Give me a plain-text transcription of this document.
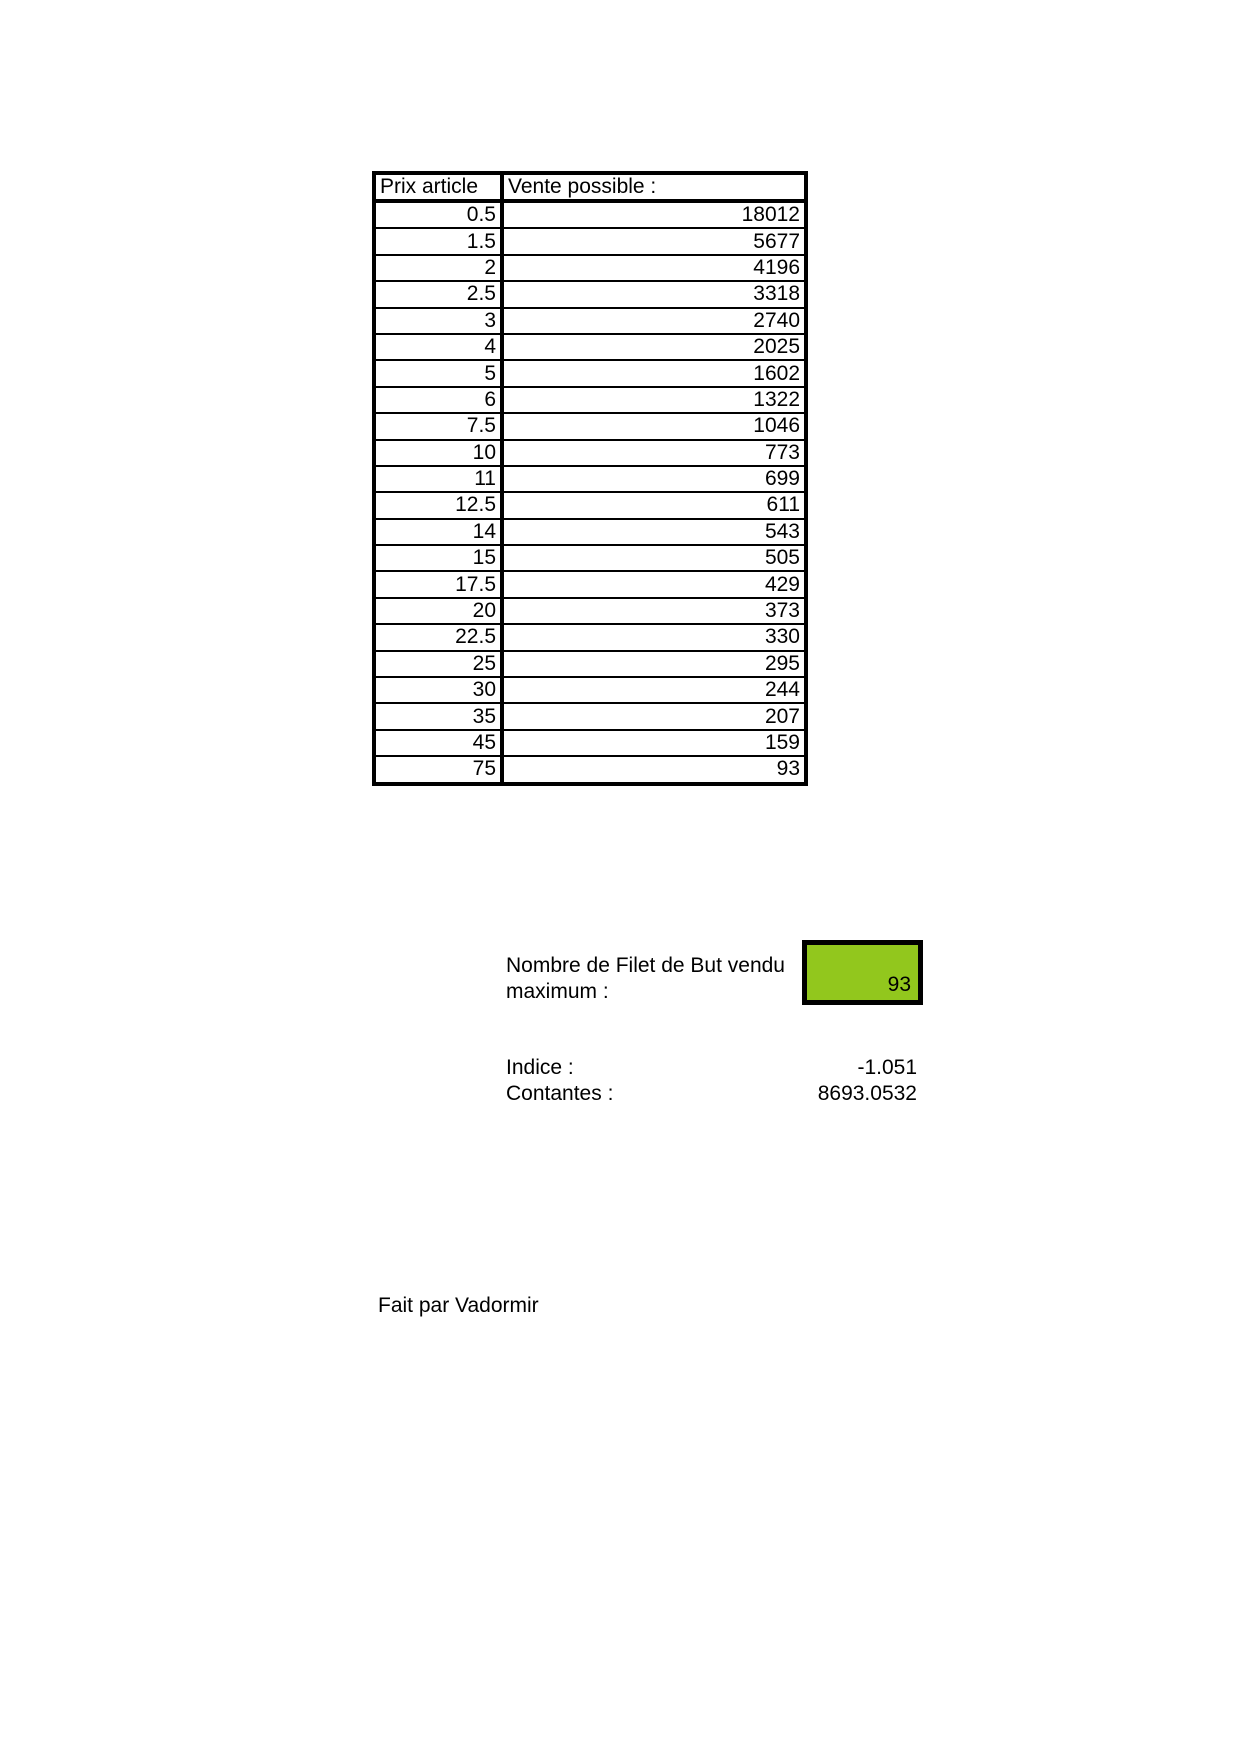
Prix article	Vente possible :
0.5	18012
1.5	5677
2	4196
2.5	3318
3	2740
4	2025
5	1602
6	1322
7.5	1046
10	773
11	699
12.5	611
14	543
15	505
17.5	429
20	373
22.5	330
25	295
30	244
35	207
45	159
75	93
Nombre de Filet de But vendu maximum :	93
Indice :	-1.051
Contantes :	8693.0532
Fait par Vadormir
